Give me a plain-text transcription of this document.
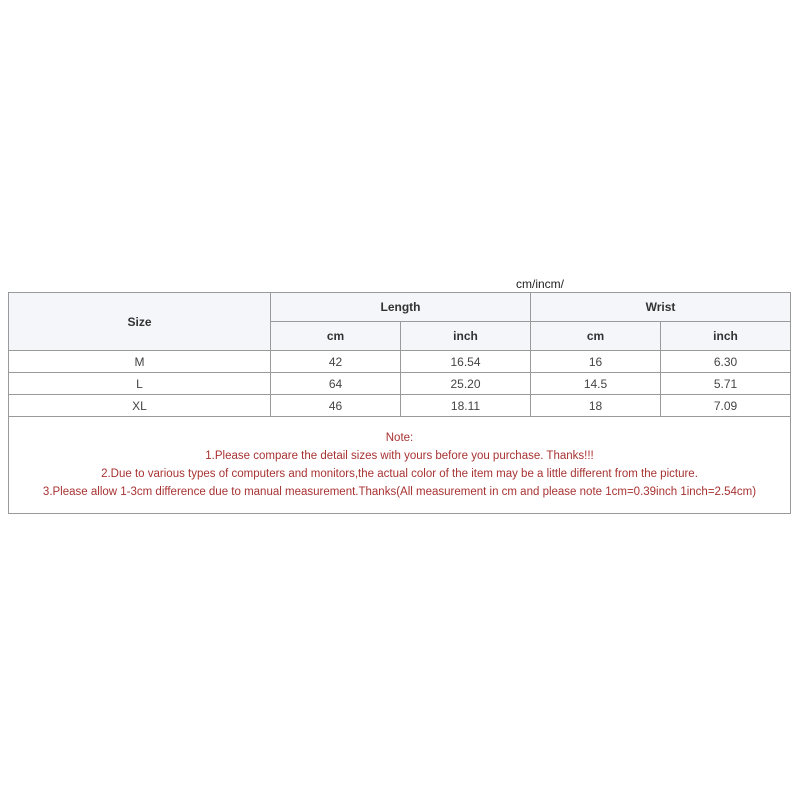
cm/incm/
Size	Length		Wrist	
	cm	inch	cm	inch
M	42	16.54	16	6.30
L	64	25.20	14.5	5.71
XL	46	18.11	18	7.09

Note:
1.Please compare the detail sizes with yours before you purchase. Thanks!!!
2.Due to various types of computers and monitors,the actual color of the item may be a little different from the picture.
3.Please allow 1-3cm difference due to manual measurement.Thanks(All measurement in cm and please note 1cm=0.39inch 1inch=2.54cm)				
